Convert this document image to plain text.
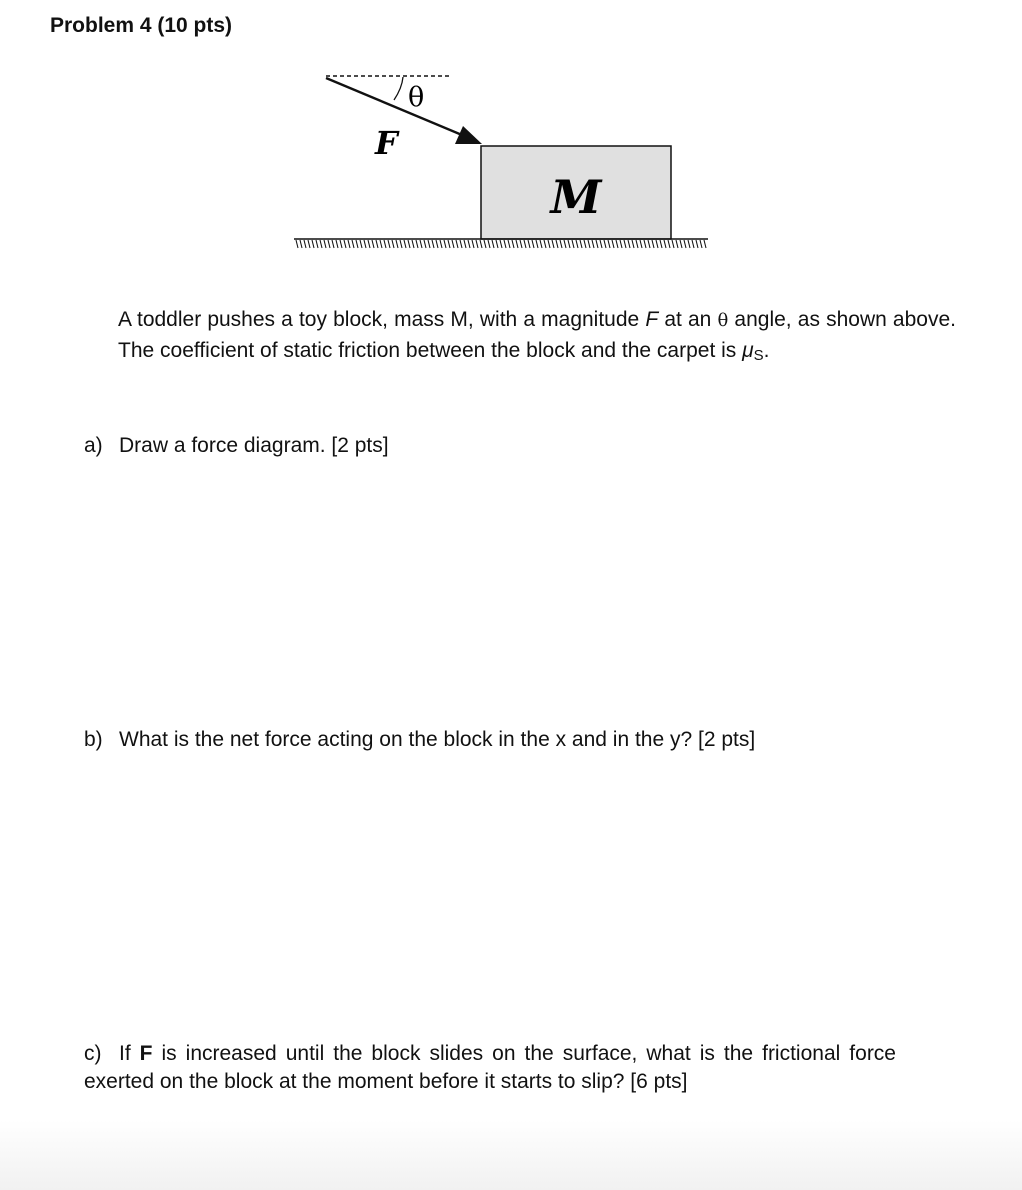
Problem 4 (10 pts)
θ
F
M

A toddler pushes a toy block, mass M, with a magnitude F at an θ angle, as shown above. The coefficient of static friction between the block and the carpet is $\mu_S$.

a) Draw a force diagram. [2 pts]

b) What is the net force acting on the block in the x and in the y? [2 pts]

c) If F is increased until the block slides on the surface, what is the frictional force exerted on the block at the moment before it starts to slip? [6 pts]
